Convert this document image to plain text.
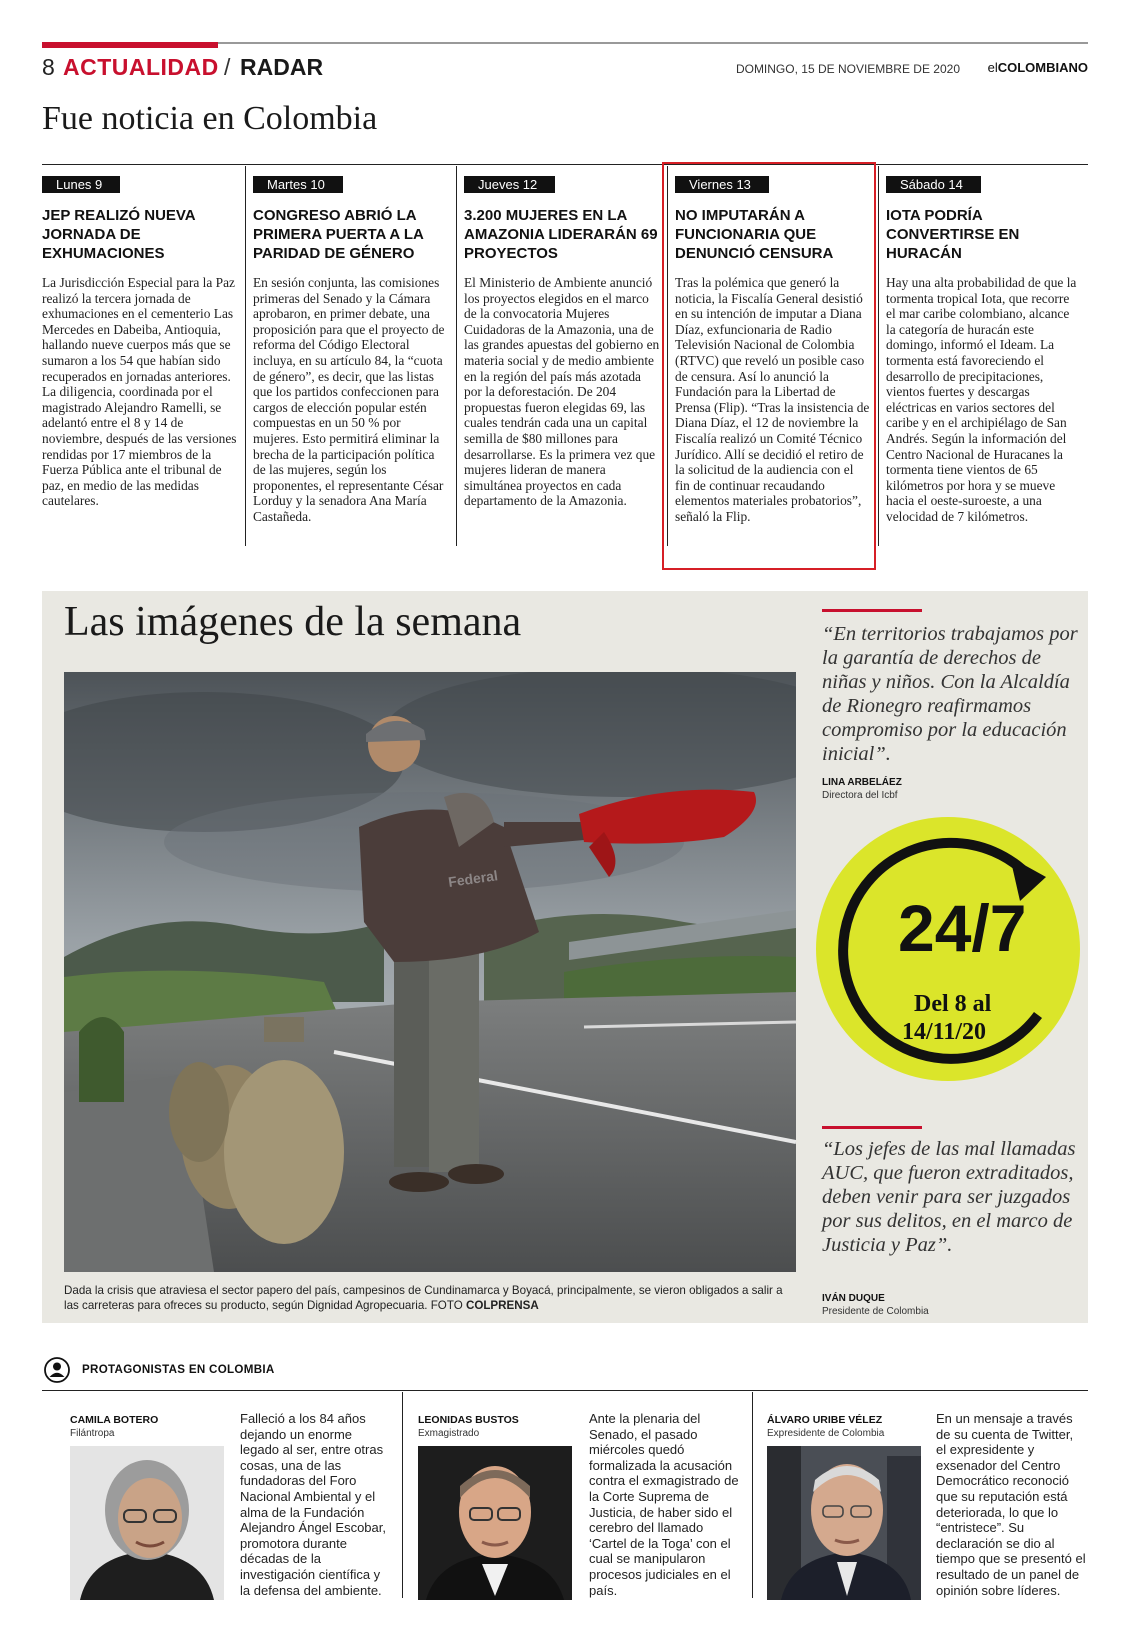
8 ACTUALIDAD / RADAR	DOMINGO, 15 DE NOVIEMBRE DE 2020	elCOLOMBIANO
Fue noticia en Colombia
Lunes 9
JEP REALIZÓ NUEVA JORNADA DE EXHUMACIONES
La Jurisdicción Especial para la Paz realizó la tercera jornada de exhumaciones en el cementerio Las Mercedes en Dabeiba, Antioquia, hallando nueve cuerpos más que se sumaron a los 54 que habían sido recuperados en jornadas anteriores. La diligencia, coordinada por el magistrado Alejandro Ramelli, se adelantó entre el 8 y 14 de noviembre, después de las versiones rendidas por 17 miembros de la Fuerza Pública ante el tribunal de paz, en medio de las medidas cautelares.
Martes 10
CONGRESO ABRIÓ LA PRIMERA PUERTA A LA PARIDAD DE GÉNERO
En sesión conjunta, las comisiones primeras del Senado y la Cámara aprobaron, en primer debate, una proposición para que el proyecto de reforma del Código Electoral incluya, en su artículo 84, la “cuota de género”, es decir, que las listas que los partidos confeccionen para cargos de elección popular estén compuestas en un 50 % por mujeres. Esto permitirá eliminar la brecha de la participación política de las mujeres, según los proponentes, el representante César Lorduy y la senadora Ana María Castañeda.
Jueves 12
3.200 MUJERES EN LA AMAZONIA LIDERARÁN 69 PROYECTOS
El Ministerio de Ambiente anunció los proyectos elegidos en el marco de la convocatoria Mujeres Cuidadoras de la Amazonia, una de las grandes apuestas del gobierno en materia social y de medio ambiente en la región del país más azotada por la deforestación. De 204 propuestas fueron elegidas 69, las cuales tendrán cada una un capital semilla de $80 millones para desarrollarse. Es la primera vez que mujeres lideran de manera simultánea proyectos en cada departamento de la Amazonia.
Viernes 13
NO IMPUTARÁN A FUNCIONARIA QUE DENUNCIÓ CENSURA
Tras la polémica que generó la noticia, la Fiscalía General desistió en su intención de imputar a Diana Díaz, exfuncionaria de Radio Televisión Nacional de Colombia (RTVC) que reveló un posible caso de censura. Así lo anunció la Fundación para la Libertad de Prensa (Flip). “Tras la insistencia de Diana Díaz, el 12 de noviembre la Fiscalía realizó un Comité Técnico Jurídico. Allí se decidió el retiro de la solicitud de la audiencia con el fin de continuar recaudando elementos materiales probatorios”, señaló la Flip.
Sábado 14
IOTA PODRÍA CONVERTIRSE EN HURACÁN
Hay una alta probabilidad de que la tormenta tropical Iota, que recorre el mar caribe colombiano, alcance la categoría de huracán este domingo, informó el Ideam. La tormenta está favoreciendo el desarrollo de precipitaciones, vientos fuertes y descargas eléctricas en varios sectores del caribe y en el archipiélago de San Andrés. Según la información del Centro Nacional de Huracanes la tormenta tiene vientos de 65 kilómetros por hora y se mueve hacia el oeste-suroeste, a una velocidad de 7 kilómetros.
Las imágenes de la semana
Federal
Dada la crisis que atraviesa el sector papero del país, campesinos de Cundinamarca y Boyacá, principalmente, se vieron obligados a salir a las carreteras para ofreces su producto, según Dignidad Agropecuaria. FOTO COLPRENSA
“En territorios trabajamos por la garantía de derechos de niñas y niños. Con la Alcaldía de Rionegro reafirmamos compromiso por la educación inicial”.
LINA ARBELÁEZ
Directora del Icbf
24/7
Del 8 al
14/11/20
“Los jefes de las mal llamadas AUC, que fueron extraditados, deben venir para ser juzgados por sus delitos, en el marco de Justicia y Paz”.
IVÁN DUQUE
Presidente de Colombia
PROTAGONISTAS EN COLOMBIA
CAMILA BOTERO
Filántropa
Falleció a los 84 años dejando un enorme legado al ser, entre otras cosas, una de las fundadoras del Foro Nacional Ambiental y el alma de la Fundación Alejandro Ángel Escobar, promotora durante décadas de la investigación científica y la defensa del ambiente.
LEONIDAS BUSTOS
Exmagistrado
Ante la plenaria del Senado, el pasado miércoles quedó formalizada la acusación contra el exmagistrado de la Corte Suprema de Justicia, de haber sido el cerebro del llamado ‘Cartel de la Toga’ con el cual se manipularon procesos judiciales en el país.
ÁLVARO URIBE VÉLEZ
Expresidente de Colombia
En un mensaje a través de su cuenta de Twitter, el expresidente y exsenador del Centro Democrático reconoció que su reputación está deteriorada, lo que lo “entristece”. Su declaración se dio al tiempo que se presentó el resultado de un panel de opinión sobre líderes.
